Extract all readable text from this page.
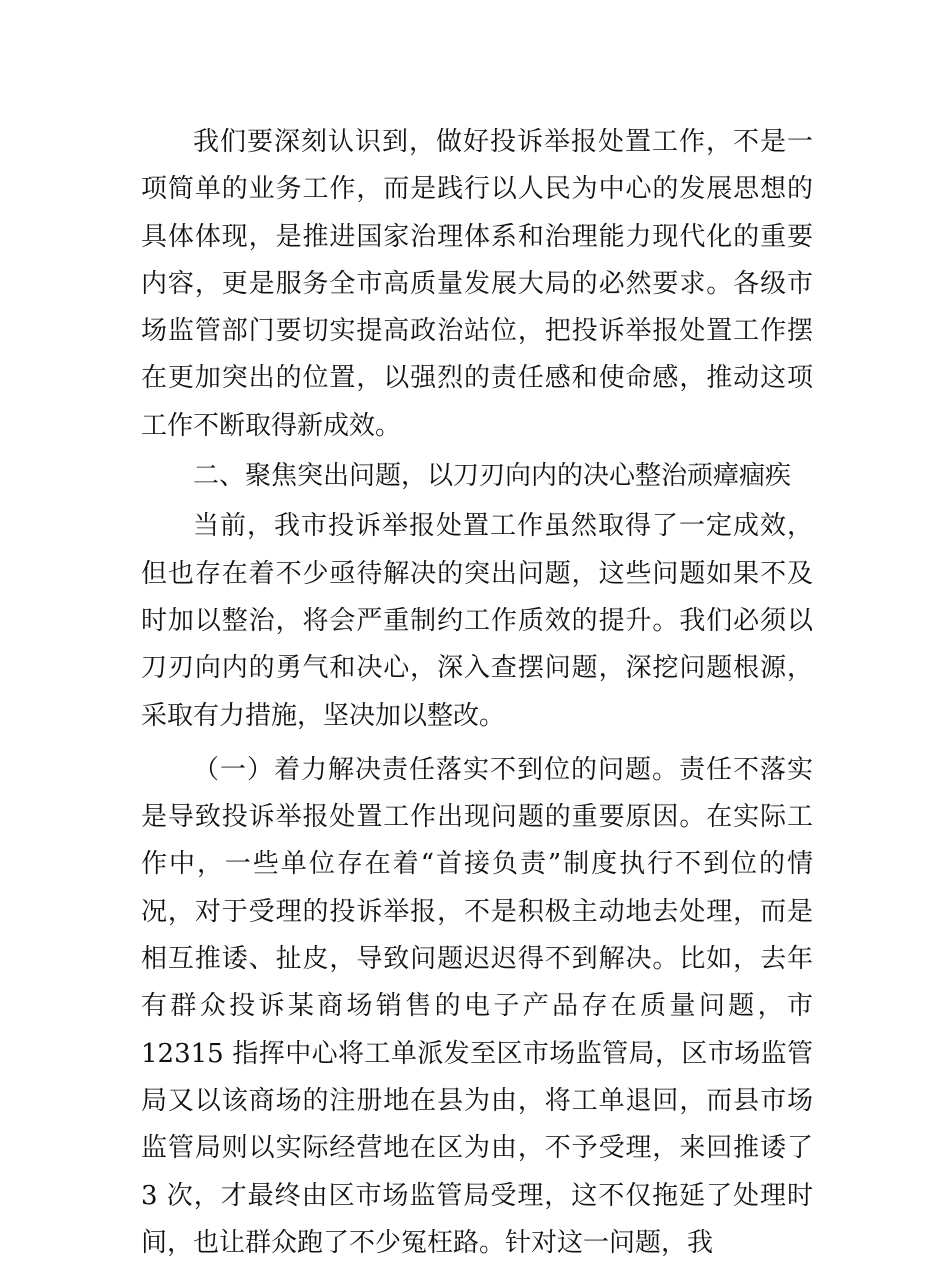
我们要深刻认识到，做好投诉举报处置工作，不是一项简单的业务工作，而是践行以人民为中心的发展思想的具体体现，是推进国家治理体系和治理能力现代化的重要内容，更是服务全市高质量发展大局的必然要求。各级市场监管部门要切实提高政治站位，把投诉举报处置工作摆在更加突出的位置，以强烈的责任感和使命感，推动这项工作不断取得新成效。

二、聚焦突出问题，以刀刃向内的决心整治顽瘴痼疾

当前，我市投诉举报处置工作虽然取得了一定成效，但也存在着不少亟待解决的突出问题，这些问题如果不及时加以整治，将会严重制约工作质效的提升。我们必须以刀刃向内的勇气和决心，深入查摆问题，深挖问题根源，采取有力措施，坚决加以整改。

（一）着力解决责任落实不到位的问题。责任不落实是导致投诉举报处置工作出现问题的重要原因。在实际工作中，一些单位存在着“首接负责”制度执行不到位的情况，对于受理的投诉举报，不是积极主动地去处理，而是相互推诿、扯皮，导致问题迟迟得不到解决。比如，去年有群众投诉某商场销售的电子产品存在质量问题，市 12315 指挥中心将工单派发至区市场监管局，区市场监管局又以该商场的注册地在县为由，将工单退回，而县市场监管局则以实际经营地在区为由，不予受理，来回推诿了 3 次，才最终由区市场监管局受理，这不仅拖延了处理时间，也让群众跑了不少冤枉路。针对这一问题，我
